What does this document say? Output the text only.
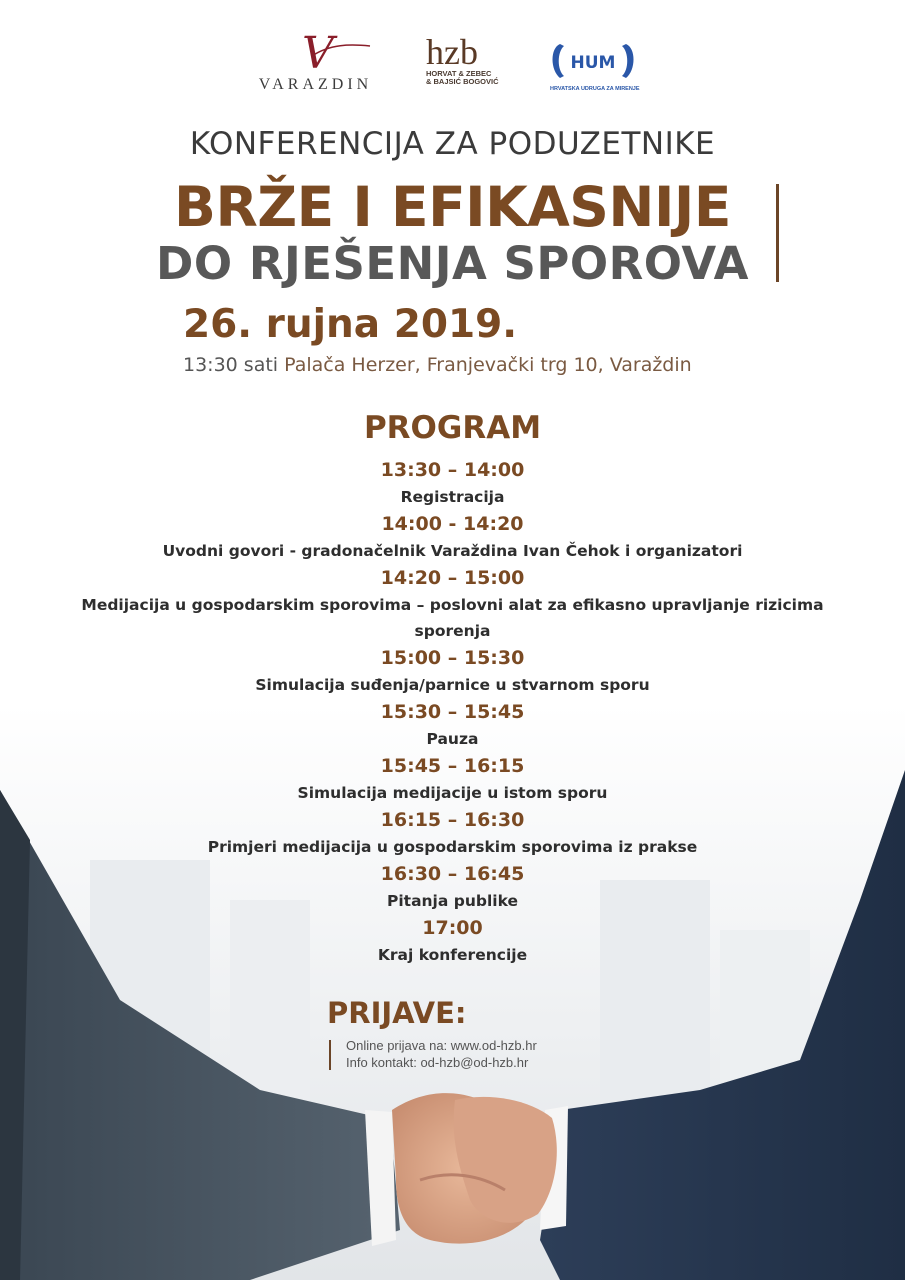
V
VARAZDIN
hzb
HORVAT & ZEBEC
& BAJSIĆ BOGOVIĆ
HUM
HRVATSKA UDRUGA ZA MIRENJE
KONFERENCIJA ZA PODUZETNIKE
BRŽE I EFIKASNIJE
DO RJEŠENJA SPOROVA
26. rujna 2019.
13:30 sati Palača Herzer, Franjevački trg 10, Varaždin
PROGRAM
13:30 – 14:00
Registracija
14:00 - 14:20
Uvodni govori - gradonačelnik Varaždina Ivan Čehok i organizatori
14:20 – 15:00
Medijacija u gospodarskim sporovima – poslovni alat za efikasno upravljanje rizicima sporenja
15:00 – 15:30
Simulacija suđenja/parnice u stvarnom sporu
15:30 – 15:45
Pauza
15:45 – 16:15
Simulacija medijacije u istom sporu
16:15 – 16:30
Primjeri medijacija u gospodarskim sporovima iz prakse
16:30 – 16:45
Pitanja publike
17:00
Kraj konferencije
PRIJAVE:
Online prijava na: www.od-hzb.hr
Info kontakt: od-hzb@od-hzb.hr
